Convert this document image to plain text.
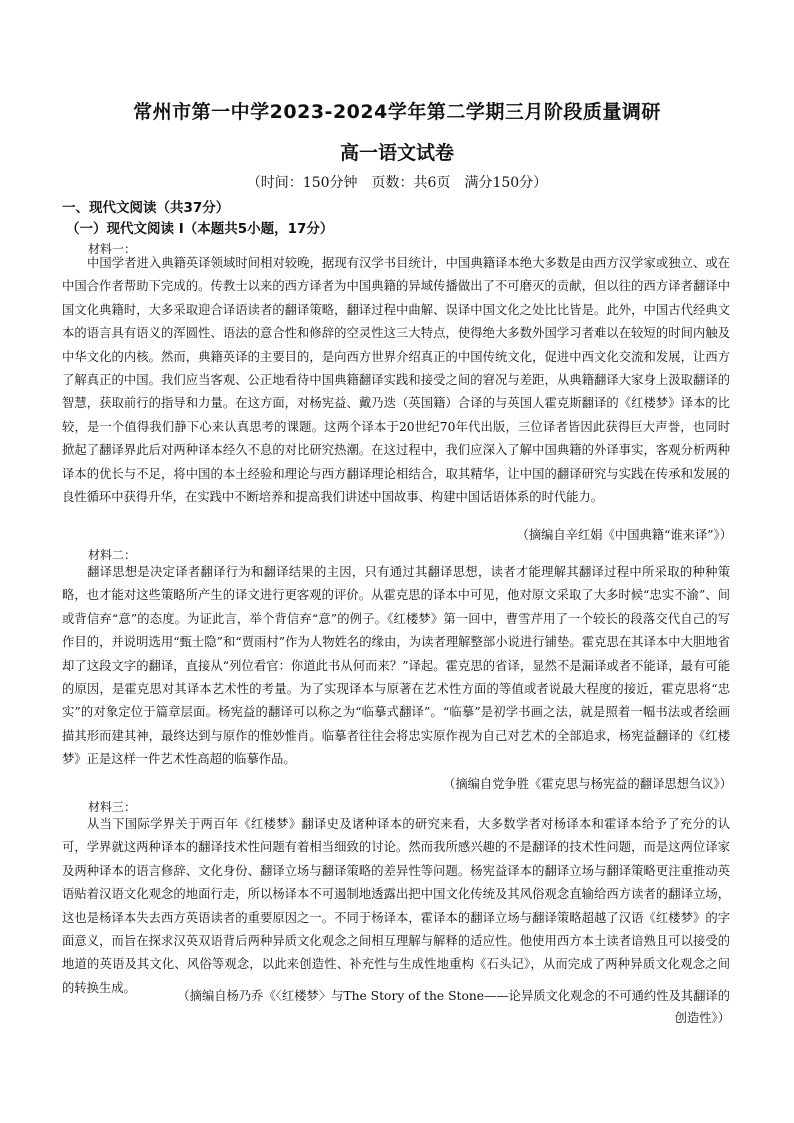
常州市第一中学2023-2024学年第二学期三月阶段质量调研
高一语文试卷
（时间：150分钟　页数：共6页　满分150分）
一、现代文阅读（共37分）
（一）现代文阅读 I（本题共5小题，17分）
材料一：

中国学者进入典籍英译领域时间相对较晚，据现有汉学书目统计，中国典籍译本绝大多数是由西方汉学家或独立、或在中国合作者帮助下完成的。传教士以来的西方译者为中国典籍的异域传播做出了不可磨灭的贡献，但以往的西方译者翻译中国文化典籍时，大多采取迎合译语读者的翻译策略，翻译过程中曲解、误译中国文化之处比比皆是。此外，中国古代经典文本的语言具有语义的浑圆性、语法的意合性和修辞的空灵性这三大特点，使得绝大多数外国学习者难以在较短的时间内触及中华文化的内核。然而，典籍英译的主要目的，是向西方世界介绍真正的中国传统文化，促进中西文化交流和发展，让西方了解真正的中国。我们应当客观、公正地看待中国典籍翻译实践和接受之间的窘况与差距，从典籍翻译大家身上汲取翻译的智慧，获取前行的指导和力量。在这方面，对杨宪益、戴乃迭（英国籍）合译的与英国人霍克斯翻译的《红楼梦》译本的比较，是一个值得我们静下心来认真思考的课题。这两个译本于20世纪70年代出版，三位译者皆因此获得巨大声誉，也同时掀起了翻译界此后对两种译本经久不息的对比研究热潮。在这过程中，我们应深入了解中国典籍的外译事实，客观分析两种译本的优长与不足，将中国的本土经验和理论与西方翻译理论相结合，取其精华，让中国的翻译研究与实践在传承和发展的良性循环中获得升华，在实践中不断培养和提高我们讲述中国故事、构建中国话语体系的时代能力。

（摘编自辛红娟《中国典籍“谁来译”》）
材料二：

翻译思想是决定译者翻译行为和翻译结果的主因，只有通过其翻译思想，读者才能理解其翻译过程中所采取的种种策略，也才能对这些策略所产生的译文进行更客观的评价。从霍克思的译本中可见，他对原文采取了大多时候“忠实不渝”、间或背信弃“意”的态度。为证此言，举个背信弃“意”的例子。《红楼梦》第一回中，曹雪芹用了一个较长的段落交代自己的写作目的，并说明选用“甄士隐”和“贾雨村”作为人物姓名的缘由，为读者理解整部小说进行铺垫。霍克思在其译本中大胆地省却了这段文字的翻译，直接从“列位看官：你道此书从何而来？”译起。霍克思的省译，显然不是漏译或者不能译，最有可能的原因，是霍克思对其译本艺术性的考量。为了实现译本与原著在艺术性方面的等值或者说最大程度的接近，霍克思将“忠实”的对象定位于篇章层面。杨宪益的翻译可以称之为“临摹式翻译”。“临摹”是初学书画之法，就是照着一幅书法或者绘画描其形而建其神，最终达到与原作的惟妙惟肖。临摹者往往会将忠实原作视为自己对艺术的全部追求，杨宪益翻译的《红楼梦》正是这样一件艺术性高超的临摹作品。

（摘编自党争胜《霍克思与杨宪益的翻译思想刍议》）
材料三：

从当下国际学界关于两百年《红楼梦》翻译史及诸种译本的研究来看，大多数学者对杨译本和霍译本给予了充分的认可，学界就这两种译本的翻译技术性问题有着相当细致的讨论。然而我所感兴趣的不是翻译的技术性问题，而是这两位译家及两种译本的语言修辞、文化身份、翻译立场与翻译策略的差异性等问题。杨宪益译本的翻译立场与翻译策略更注重推动英语贴着汉语文化观念的地面行走，所以杨译本不可遏制地透露出把中国文化传统及其风俗观念直输给西方读者的翻译立场，这也是杨译本失去西方英语读者的重要原因之一。不同于杨译本，霍译本的翻译立场与翻译策略超越了汉语《红楼梦》的字面意义，而旨在探求汉英双语背后两种异质文化观念之间相互理解与解释的适应性。他使用西方本土读者谙熟且可以接受的地道的英语及其文化、风俗等观念，以此来创造性、补充性与生成性地重构《石头记》，从而完成了两种异质文化观念之间的转换生成。

（摘编自杨乃乔《〈红楼梦〉与The Story of the Stone——论异质文化观念的不可通约性及其翻译的
创造性》）
